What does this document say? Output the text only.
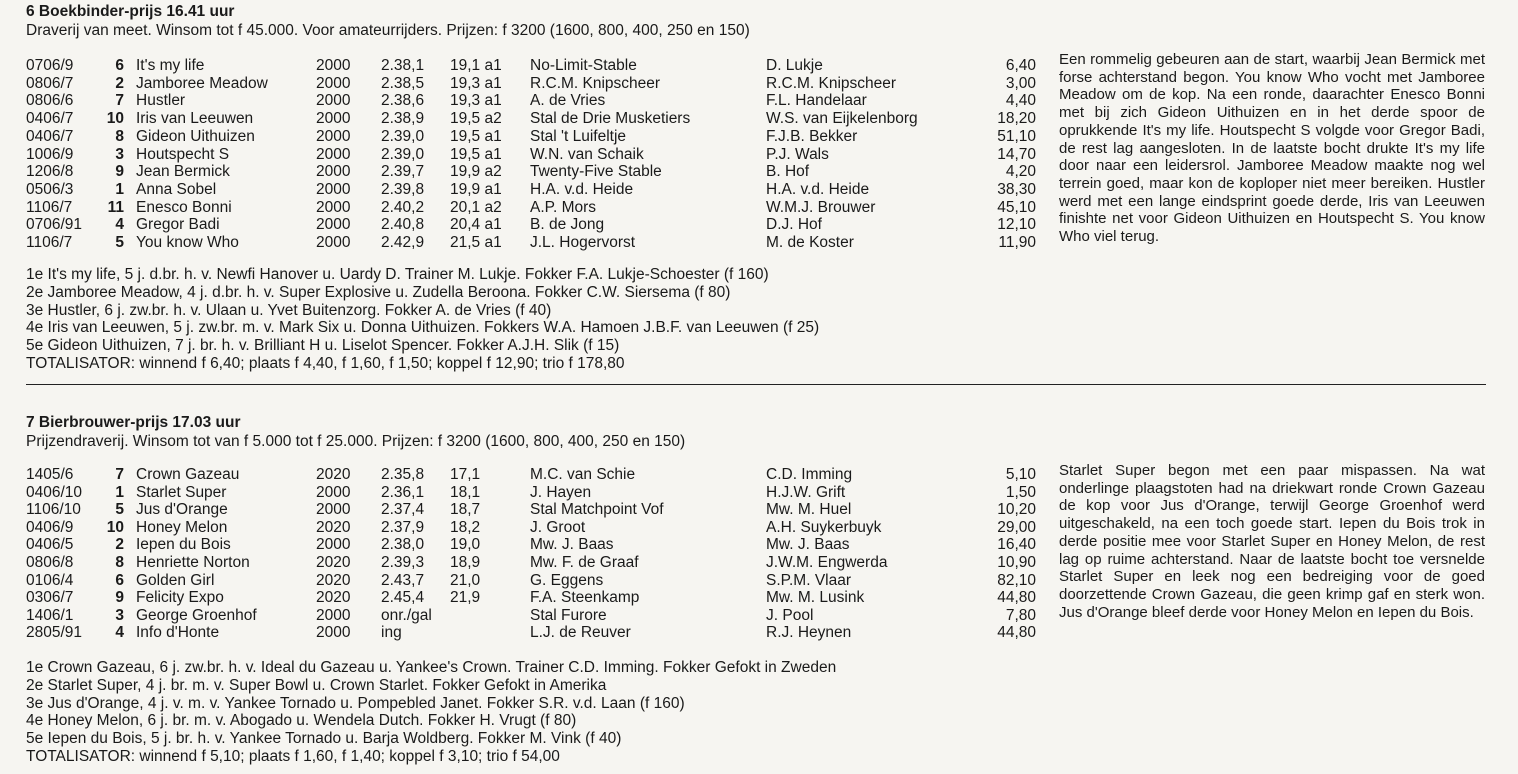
6 Boekbinder-prijs 16.41 uur
Draverij van meet. Winsom tot f 45.000. Voor amateurrijders. Prijzen: f 3200 (1600, 800, 400, 250 en 150)
0706/9	6 It's my life	2000 2.38,1 19,1 a1 No-Limit-Stable	D. Lukje	6,40
0806/7	2 Jamboree Meadow	2000 2.38,5 19,3 a1 R.C.M. Knipscheer	R.C.M. Knipscheer	3,00
0806/6	7 Hustler	2000 2.38,6 19,3 a1 A. de Vries	F.L. Handelaar	4,40
0406/7 10 Iris van Leeuwen	2000 2.38,9 19,5 a2 Stal de Drie Musketiers	W.S. van Eijkelenborg	18,20
0406/7	8 Gideon Uithuizen	2000 2.39,0 19,5 a1 Stal 't Luifeltje	F.J.B. Bekker	51,10
1006/9	3 Houtspecht S	2000 2.39,0 19,5 a1 W.N. van Schaik	P.J. Wals	14,70
1206/8	9 Jean Bermick	2000 2.39,7 19,9 a2 Twenty-Five Stable	B. Hof	4,20
0506/3	1 Anna Sobel	2000 2.39,8 19,9 a1 H.A. v.d. Heide	H.A. v.d. Heide	38,30
1106/7 11 Enesco Bonni	2000 2.40,2 20,1 a2 A.P. Mors	W.M.J. Brouwer	45,10
0706/91	4 Gregor Badi	2000 2.40,8 20,4 a1 B. de Jong	D.J. Hof	12,10
1106/7	5 You know Who	2000 2.42,9 21,5 a1 J.L. Hogervorst	M. de Koster	11,90
Een rommelig gebeuren aan de start, waarbij Jean Bermick met forse achterstand begon. You know Who vocht met Jamboree Meadow om de kop. Na een ronde, daarachter Enesco Bonni met bij zich Gideon Uithuizen en in het derde spoor de oprukkende It's my life. Houtspecht S volgde voor Gregor Badi, de rest lag aangesloten. In de laatste bocht drukte It's my life door naar een leidersrol. Jamboree Meadow maakte nog wel terrein goed, maar kon de koploper niet meer bereiken. Hustler werd met een lange eindsprint goede derde, Iris van Leeuwen finishte net voor Gideon Uithuizen en Houtspecht S. You know Who viel terug.
1e It's my life, 5 j. d.br. h. v. Newfi Hanover u. Uardy D. Trainer M. Lukje. Fokker F.A. Lukje-Schoester (f 160)
2e Jamboree Meadow, 4 j. d.br. h. v. Super Explosive u. Zudella Beroona. Fokker C.W. Siersema (f 80)
3e Hustler, 6 j. zw.br. h. v. Ulaan u. Yvet Buitenzorg. Fokker A. de Vries (f 40)
4e Iris van Leeuwen, 5 j. zw.br. m. v. Mark Six u. Donna Uithuizen. Fokkers W.A. Hamoen J.B.F. van Leeuwen (f 25)
5e Gideon Uithuizen, 7 j. br. h. v. Brilliant H u. Liselot Spencer. Fokker A.J.H. Slik (f 15)
TOTALISATOR: winnend f 6,40; plaats f 4,40, f 1,60, f 1,50; koppel f 12,90; trio f 178,80
7 Bierbrouwer-prijs 17.03 uur
Prijzendraverij. Winsom tot van f 5.000 tot f 25.000. Prijzen: f 3200 (1600, 800, 400, 250 en 150)
1405/6	7 Crown Gazeau	2020 2.35,8 17,1	M.C. van Schie	C.D. Imming	5,10
0406/10	1 Starlet Super	2000 2.36,1 18,1	J. Hayen	H.J.W. Grift	1,50
1106/10	5 Jus d'Orange	2000 2.37,4 18,7	Stal Matchpoint Vof	Mw. M. Huel	10,20
0406/9 10 Honey Melon	2020 2.37,9 18,2	J. Groot	A.H. Suykerbuyk	29,00
0406/5	2 Iepen du Bois	2000 2.38,0 19,0	Mw. J. Baas	Mw. J. Baas	16,40
0806/8	8 Henriette Norton	2020 2.39,3 18,9	Mw. F. de Graaf	J.W.M. Engwerda	10,90
0106/4	6 Golden Girl	2020 2.43,7 21,0	G. Eggens	S.P.M. Vlaar	82,10
0306/7	9 Felicity Expo	2020 2.45,4 21,9	F.A. Steenkamp	Mw. M. Lusink	44,80
1406/1	3 George Groenhof	2000 onr./gal	Stal Furore	J. Pool	7,80
2805/91	4 Info d'Honte	2000 ing	L.J. de Reuver	R.J. Heynen	44,80
Starlet Super begon met een paar mispassen. Na wat onderlinge plaagstoten had na driekwart ronde Crown Gazeau de kop voor Jus d'Orange, terwijl George Groenhof werd uitgeschakeld, na een toch goede start. Iepen du Bois trok in derde positie mee voor Starlet Super en Honey Melon, de rest lag op ruime achterstand. Naar de laatste bocht toe versnelde Starlet Super en leek nog een bedreiging voor de goed doorzettende Crown Gazeau, die geen krimp gaf en sterk won. Jus d'Orange bleef derde voor Honey Melon en Iepen du Bois.
1e Crown Gazeau, 6 j. zw.br. h. v. Ideal du Gazeau u. Yankee's Crown. Trainer C.D. Imming. Fokker Gefokt in Zweden
2e Starlet Super, 4 j. br. m. v. Super Bowl u. Crown Starlet. Fokker Gefokt in Amerika
3e Jus d'Orange, 4 j. v. m. v. Yankee Tornado u. Pompebled Janet. Fokker S.R. v.d. Laan (f 160)
4e Honey Melon, 6 j. br. m. v. Abogado u. Wendela Dutch. Fokker H. Vrugt (f 80)
5e Iepen du Bois, 5 j. br. h. v. Yankee Tornado u. Barja Woldberg. Fokker M. Vink (f 40)
TOTALISATOR: winnend f 5,10; plaats f 1,60, f 1,40; koppel f 3,10; trio f 54,00
